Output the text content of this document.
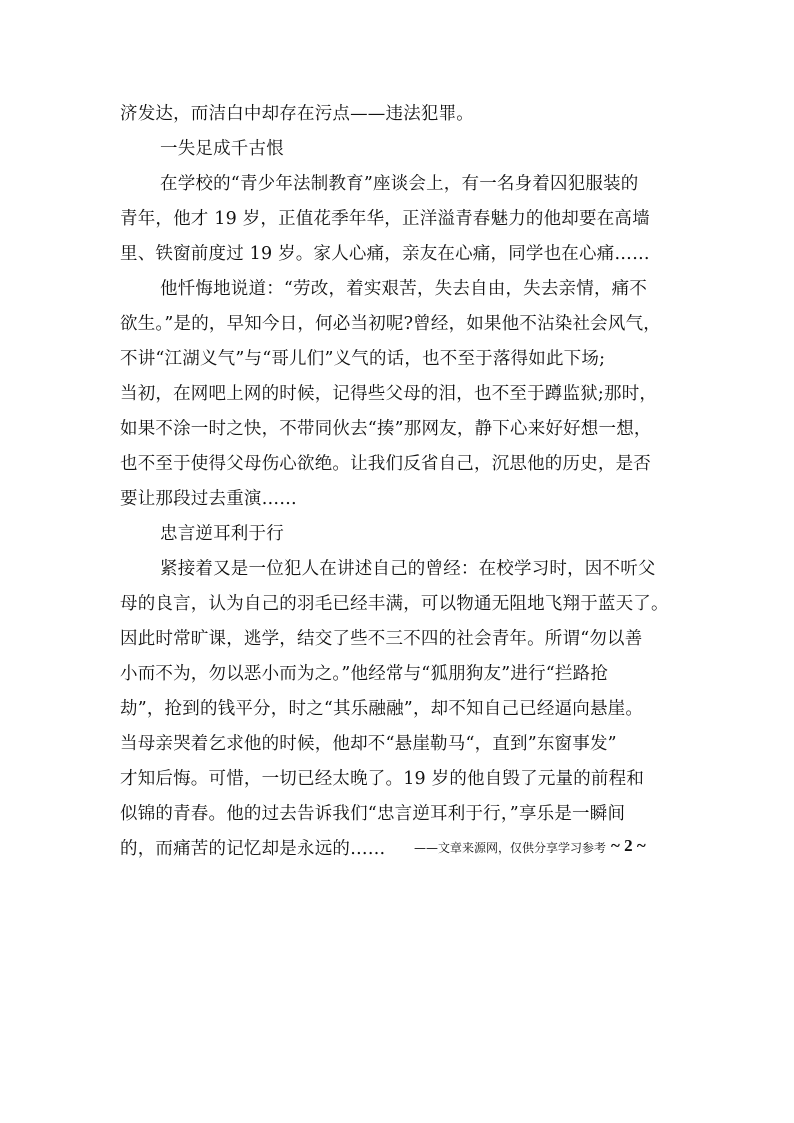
济发达，而洁白中却存在污点——违法犯罪。
一失足成千古恨
在学校的“青少年法制教育”座谈会上，有一名身着囚犯服装的
青年，他才 19 岁，正值花季年华，正洋溢青春魅力的他却要在高墙
里、铁窗前度过 19 岁。家人心痛，亲友在心痛，同学也在心痛……
他忏悔地说道：“劳改，着实艰苦，失去自由，失去亲情，痛不
欲生。”是的，早知今日，何必当初呢?曾经，如果他不沾染社会风气，
不讲“江湖义气”与“哥儿们”义气的话，也不至于落得如此下场;
当初，在网吧上网的时候，记得些父母的泪，也不至于蹲监狱;那时，
如果不涂一时之快，不带同伙去“揍”那网友，静下心来好好想一想，
也不至于使得父母伤心欲绝。让我们反省自己，沉思他的历史，是否
要让那段过去重演……
忠言逆耳利于行
紧接着又是一位犯人在讲述自己的曾经：在校学习时，因不听父
母的良言，认为自己的羽毛已经丰满，可以物通无阻地飞翔于蓝天了。
因此时常旷课，逃学，结交了些不三不四的社会青年。所谓“勿以善
小而不为，勿以恶小而为之。”他经常与“狐朋狗友”进行“拦路抢
劫”，抢到的钱平分，时之“其乐融融”，却不知自己已经逼向悬崖。
当母亲哭着乞求他的时候，他却不“悬崖勒马“，直到”东窗事发”
才知后悔。可惜，一切已经太晚了。19 岁的他自毁了元量的前程和
似锦的青春。他的过去告诉我们“忠言逆耳利于行，”享乐是一瞬间
的，而痛苦的记忆却是永远的……	——文章来源网，仅供分享学习参考 ~ 2 ~
